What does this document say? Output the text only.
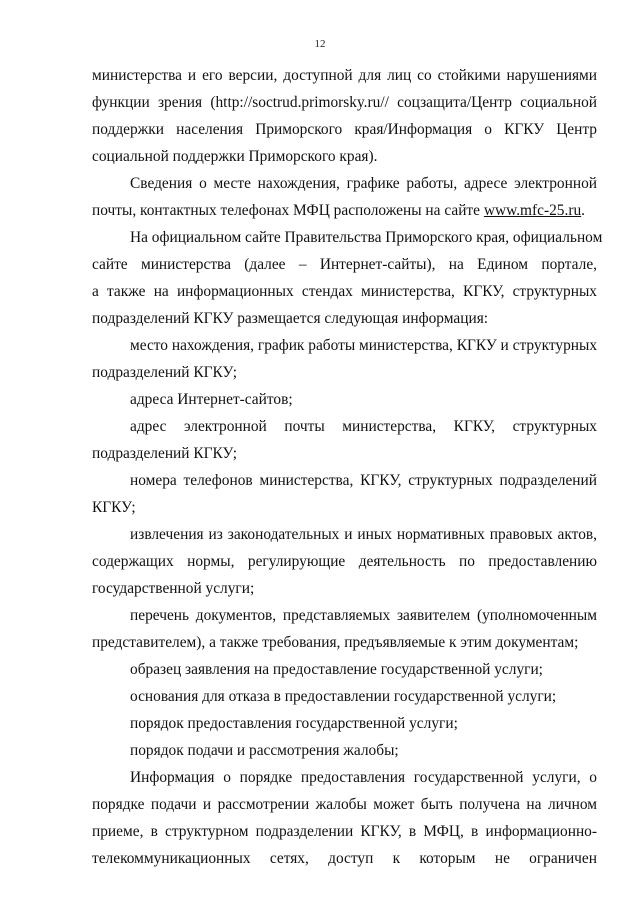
12
министерства и его версии, доступной для лиц со стойкими нарушениями
функции зрения (http://soctrud.primorsky.ru// соцзащита/Центр социальной
поддержки населения Приморского края/Информация о КГКУ Центр
социальной поддержки Приморского края).
Сведения о месте нахождения, графике работы, адресе электронной
почты, контактных телефонах МФЦ расположены на сайте www.mfc-25.ru.
На официальном сайте Правительства Приморского края, официальном
сайте министерства (далее – Интернет-сайты), на Едином портале,
а также на информационных стендах министерства, КГКУ, структурных
подразделений КГКУ размещается следующая информация:
место нахождения, график работы министерства, КГКУ и структурных
подразделений КГКУ;
адреса Интернет-сайтов;
адрес электронной почты министерства, КГКУ, структурных
подразделений КГКУ;
номера телефонов министерства, КГКУ, структурных подразделений
КГКУ;
извлечения из законодательных и иных нормативных правовых актов,
содержащих нормы, регулирующие деятельность по предоставлению
государственной услуги;
перечень документов, представляемых заявителем (уполномоченным
представителем), а также требования, предъявляемые к этим документам;
образец заявления на предоставление государственной услуги;
основания для отказа в предоставлении государственной услуги;
порядок предоставления государственной услуги;
порядок подачи и рассмотрения жалобы;
Информация о порядке предоставления государственной услуги, о
порядке подачи и рассмотрении жалобы может быть получена на личном
приеме, в структурном подразделении КГКУ, в МФЦ, в информационно-
телекоммуникационных сетях, доступ к которым не ограничен
